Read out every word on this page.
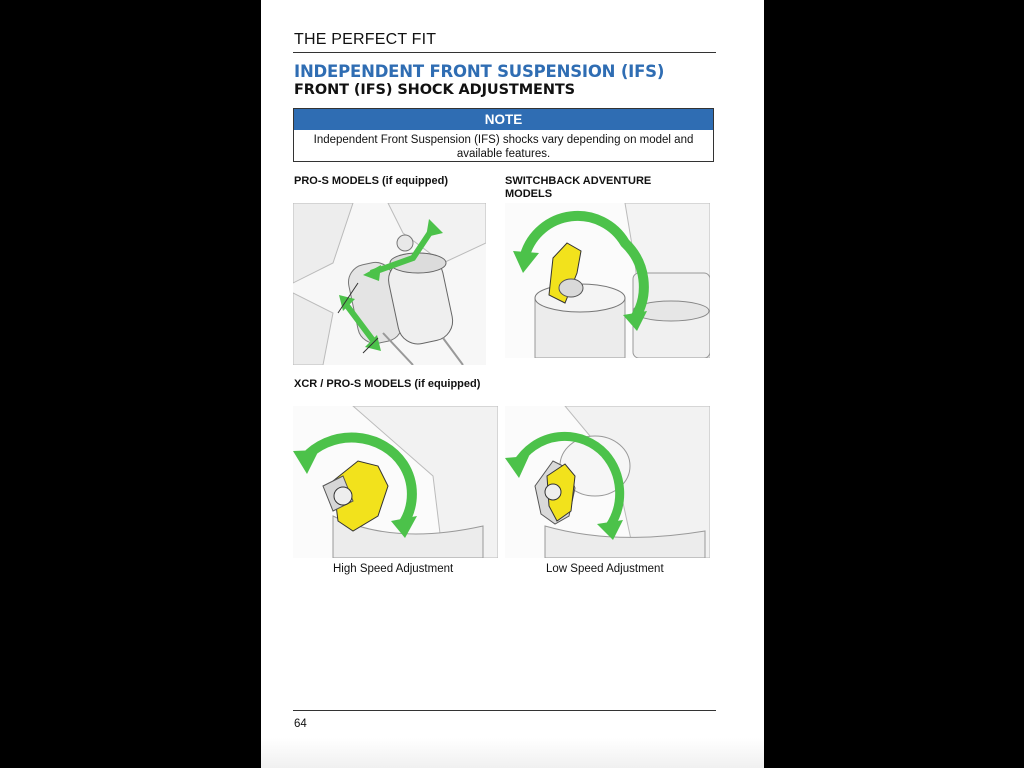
THE PERFECT FIT
INDEPENDENT FRONT SUSPENSION (IFS)
FRONT (IFS) SHOCK ADJUSTMENTS
NOTE
Independent Front Suspension (IFS) shocks vary depending on model and available features.
PRO-S MODELS (if equipped)	SWITCHBACK ADVENTURE MODELS
XCR / PRO-S MODELS (if equipped)
High Speed Adjustment	Low Speed Adjustment
64
